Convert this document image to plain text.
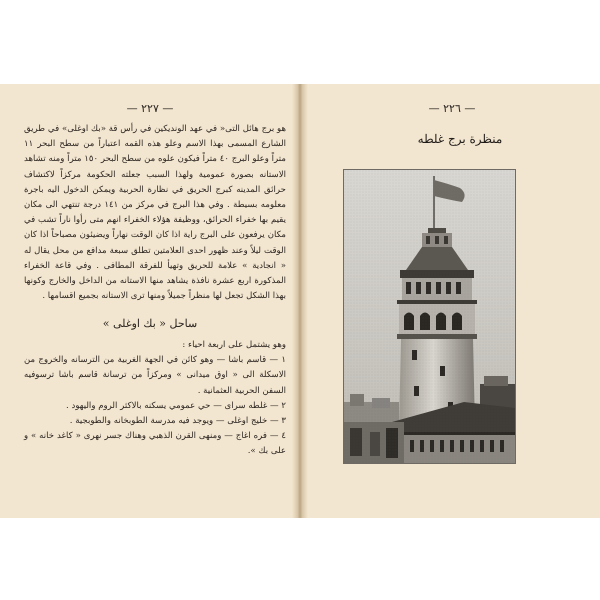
— ٢٢٧ —	— ٢٢٦ —

هو برج هائل التى« في عهد الونديكين في رأس قة «بك اوغلى» في طريق الشارع المسمى بهذا الاسم وعلو هذه القمه اعتباراً من سطح البحر ١١ متراً وعلو البرج ٤٠ متراً فيكون علوه من سطح البحر ١٥٠ متراً ومنه تشاهد الاستانه بصورة عمومية ولهذا السبب جعلته الحكومة مركزاً لاكتشاف حرائق المدينه كبرج الحريق في نظارة الحربية ويمكن الدخول اليه باجرة معلومه بسيطة . وفي هذا البرج في مركز من ١٤١ درجة تنتهي الى مكان يقيم بها خفراء الحرائق، ووظيفة هؤلاء الخفراء انهم متى رأوا ناراً تشب في مكان يرفعون على البرج راية اذا كان الوقت نهاراً ويضيئون مصباحاً اذا كان الوقت ليلاً وعند ظهور احدى العلامتين تطلق سبعة مدافع من محل يقال له « انجادية » علامة للحريق وتهيأ للفرقة المطافى . وفي قاعة الخفراء المذكورة اربع عشرة نافذة يشاهد منها الاستانه من الداخل والخارج وكونها بهذا الشكل تجعل لها منظراً جميلاً ومنها ترى الاستانه بجميع اقسامها .

ساحل « بك اوغلى »

وهو يشتمل على اربعة احياء :

١ — قاسم باشا — وهو كائن في الجهة الغربية من الترسانه والخروج من الاسكلة الى « اوق ميدانى » ومركزاً من ترسانة قاسم باشا ترسوفيه السفن الحربية العثمانية .

٢ — غلطه سراى — حي عمومي يسكنه بالاكثر الروم واليهود .

٣ — خليج اوغلى — ويوجد فيه مدرسة الطوبخانه والطوبجية .

٤ — فره اغاج — ومنهى القرن الذهبي وهناك جسر نهرى « كاغد خانه » و على بك ».

منظرة برج غلطه
